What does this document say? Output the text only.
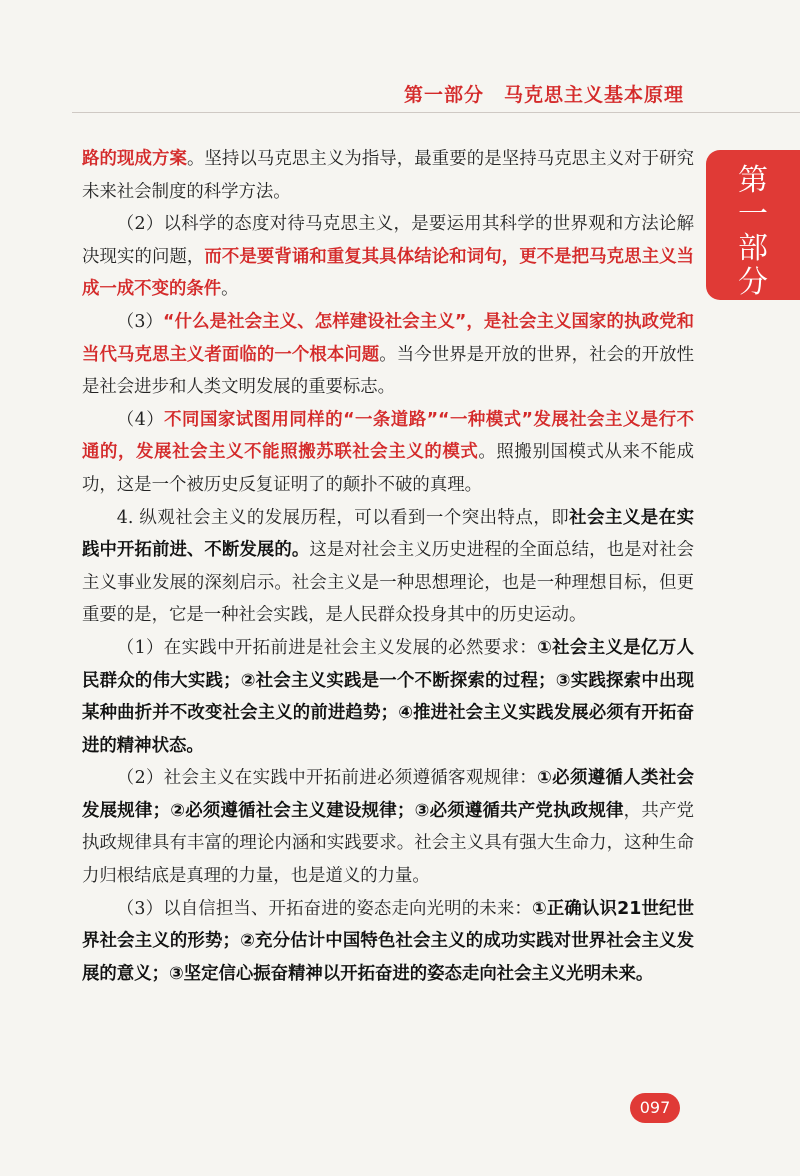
第一部分　马克思主义基本原理
第
一
部
分

路的现成方案。坚持以马克思主义为指导，最重要的是坚持马克思主义对于研究未来社会制度的科学方法。

（2）以科学的态度对待马克思主义，是要运用其科学的世界观和方法论解决现实的问题，而不是要背诵和重复其具体结论和词句，更不是把马克思主义当成一成不变的条件。

（3）“什么是社会主义、怎样建设社会主义”，是社会主义国家的执政党和当代马克思主义者面临的一个根本问题。当今世界是开放的世界，社会的开放性是社会进步和人类文明发展的重要标志。

（4）不同国家试图用同样的“一条道路”“一种模式”发展社会主义是行不通的，发展社会主义不能照搬苏联社会主义的模式。照搬别国模式从来不能成功，这是一个被历史反复证明了的颠扑不破的真理。

4. 纵观社会主义的发展历程，可以看到一个突出特点，即社会主义是在实践中开拓前进、不断发展的。这是对社会主义历史进程的全面总结，也是对社会主义事业发展的深刻启示。社会主义是一种思想理论，也是一种理想目标，但更重要的是，它是一种社会实践，是人民群众投身其中的历史运动。

（1）在实践中开拓前进是社会主义发展的必然要求：①社会主义是亿万人民群众的伟大实践；②社会主义实践是一个不断探索的过程；③实践探索中出现某种曲折并不改变社会主义的前进趋势；④推进社会主义实践发展必须有开拓奋进的精神状态。

（2）社会主义在实践中开拓前进必须遵循客观规律：①必须遵循人类社会发展规律；②必须遵循社会主义建设规律；③必须遵循共产党执政规律，共产党执政规律具有丰富的理论内涵和实践要求。社会主义具有强大生命力，这种生命力归根结底是真理的力量，也是道义的力量。

（3）以自信担当、开拓奋进的姿态走向光明的未来：①正确认识21世纪世界社会主义的形势；②充分估计中国特色社会主义的成功实践对世界社会主义发展的意义；③坚定信心振奋精神以开拓奋进的姿态走向社会主义光明未来。

097
